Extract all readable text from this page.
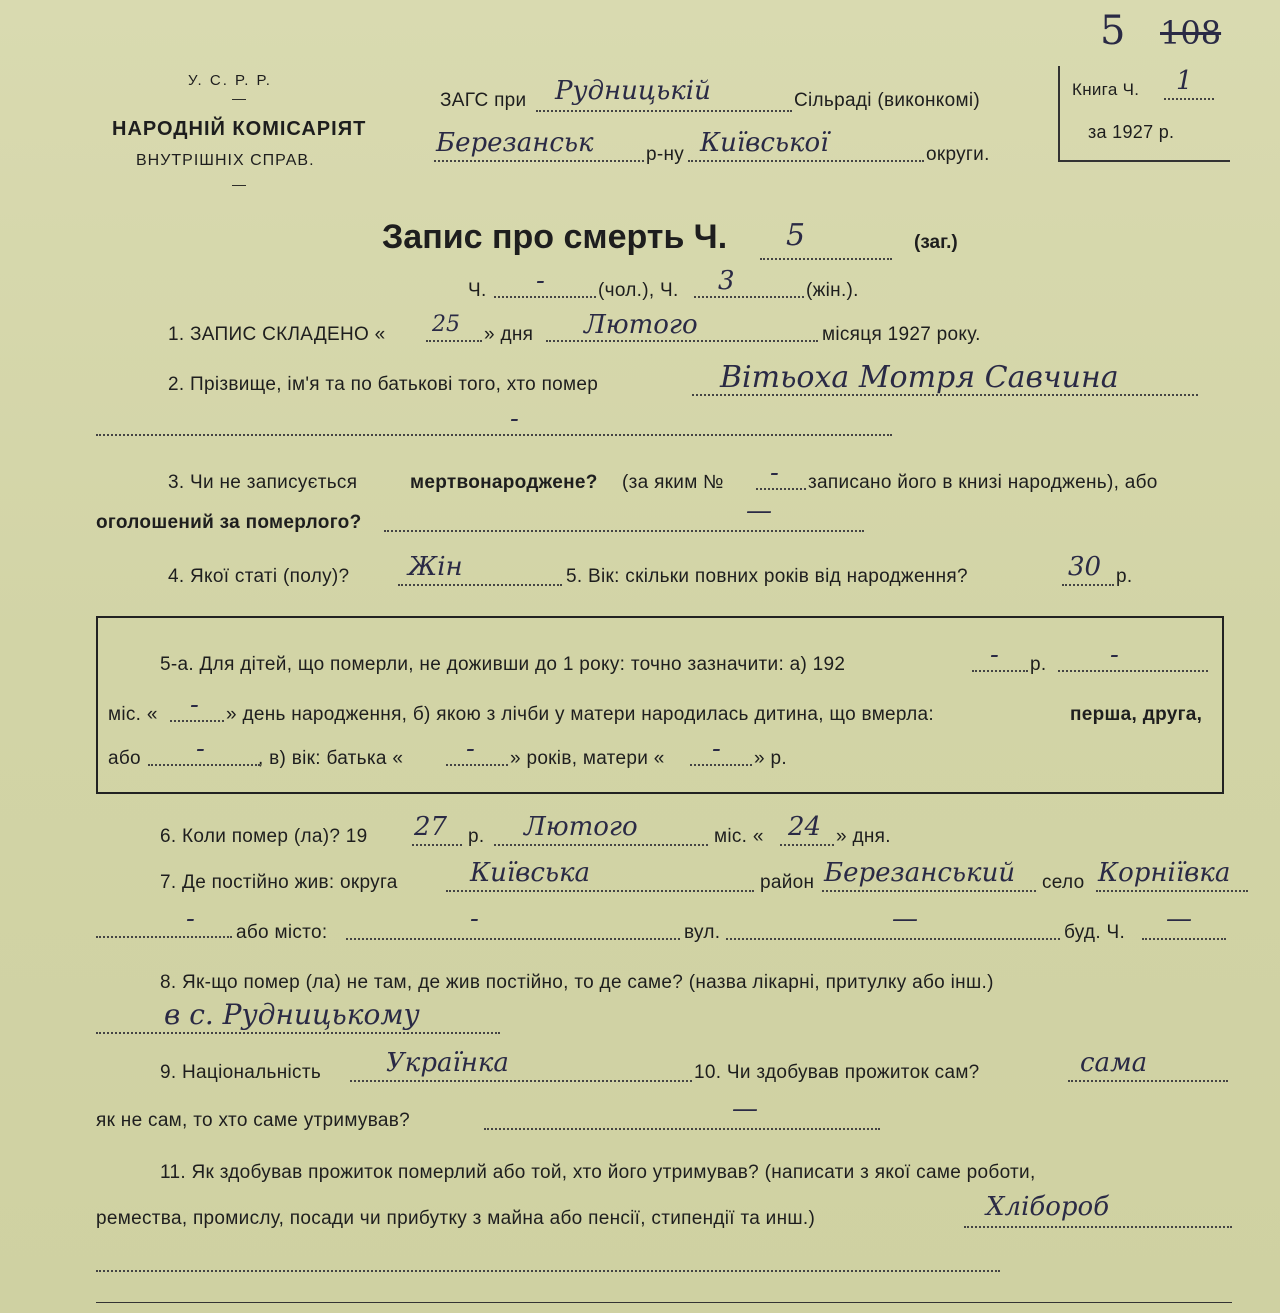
5 108
У. С. Р. Р.
—
НАРОДНІЙ КОМІСАРІЯТ
ВНУТРІШНІХ СПРАВ.
—
ЗАГС при Рудницькій	Сільраді (виконкомі)
Березанськ	р-ну Київської	округи.
Книга Ч. 1
за 1927 р.
Запис про смерть Ч. 5	(заг.)
Ч. -	(чол.), Ч. 3	(жін.).
1. ЗАПИС СКЛАДЕНО « 25 » дня Лютого	місяця 1927 року.
2. Прізвище, ім'я та по батькові того, хто помер	Вітьоха Мотря Савчина
-
3. Чи не записується	мертвонароджене? (за яким № - записано його в книзі народжень), або
оголошений за померлого?	—
4. Якої статі (полу)? Жін	5. Вік: скільки повних років від народження?	30 р.
5-а. Для дітей, що померли, не доживши до 1 року: точно зазначити: а) 192	- р. -
міс. « - » день народження, б) якою з лічби у матери народилась дитина, що вмерла:	перша, друга,
або -	, в) вік: батька « - » років, матери « - » р.
6. Коли помер (ла)? 19 27 р. Лютого	міс. « 24 » дня.
7. Де постійно жив: округа	Київська	район Березанський село Корніївка
- або місто:	-	вул.	—	буд. Ч. —
8. Як-що помер (ла) не там, де жив постійно, то де саме? (назва лікарні, притулку або інш.)
в с. Рудницькому
9. Національність Українка	10. Чи здобував прожиток сам?	сама
як не сам, то хто саме утримував?	—
11. Як здобував прожиток померлий або той, хто його утримував? (написати з якої саме роботи,
ремества, промислу, посади чи прибутку з майна або пенсії, стипендії та инш.)	Хлібороб
